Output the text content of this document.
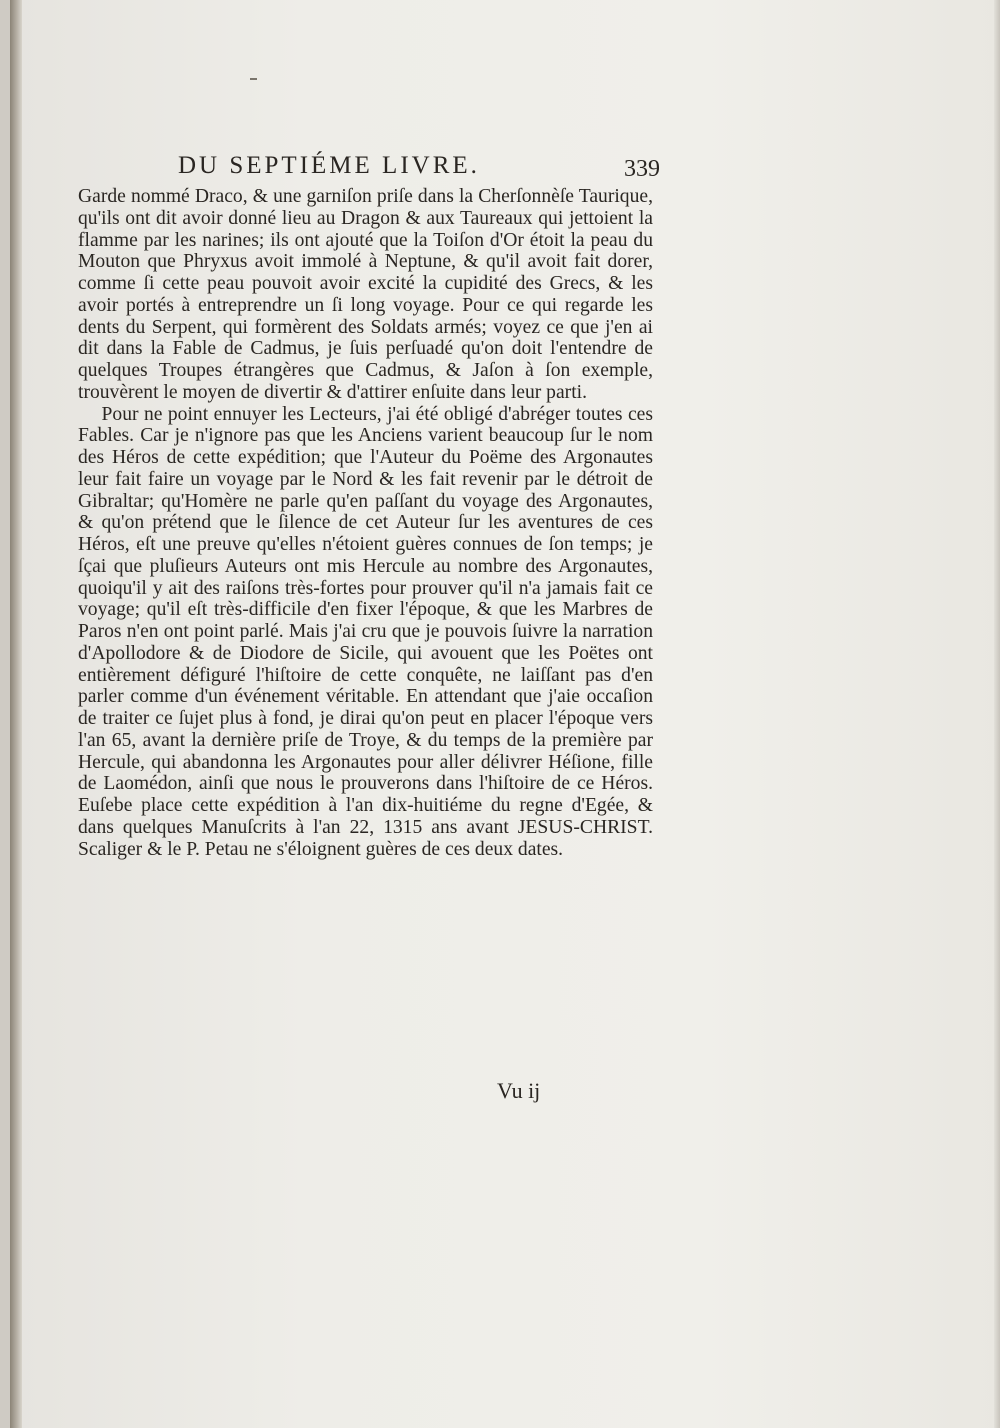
DU SEPTIÉME LIVRE.	339

Garde nommé Draco, & une garniſon priſe dans la Cherſonnèſe Taurique, qu'ils ont dit avoir donné lieu au Dragon & aux Taureaux qui jettoient la flamme par les narines; ils ont ajouté que la Toiſon d'Or étoit la peau du Mouton que Phryxus avoit immolé à Neptune, & qu'il avoit fait dorer, comme ſi cette peau pouvoit avoir excité la cupidité des Grecs, & les avoir portés à entreprendre un ſi long voyage. Pour ce qui regarde les dents du Serpent, qui formèrent des Soldats armés; voyez ce que j'en ai dit dans la Fable de Cadmus, je ſuis perſuadé qu'on doit l'entendre de quelques Troupes étrangères que Cadmus, & Jaſon à ſon exemple, trouvèrent le moyen de divertir & d'attirer enſuite dans leur parti.

Pour ne point ennuyer les Lecteurs, j'ai été obligé d'abréger toutes ces Fables. Car je n'ignore pas que les Anciens varient beaucoup ſur le nom des Héros de cette expédition; que l'Auteur du Poëme des Argonautes leur fait faire un voyage par le Nord & les fait revenir par le détroit de Gibraltar; qu'Homère ne parle qu'en paſſant du voyage des Argonautes, & qu'on prétend que le ſilence de cet Auteur ſur les aventures de ces Héros, eſt une preuve qu'elles n'étoient guères connues de ſon temps; je ſçai que pluſieurs Auteurs ont mis Hercule au nombre des Argonautes, quoiqu'il y ait des raiſons très-fortes pour prouver qu'il n'a jamais fait ce voyage; qu'il eſt très-difficile d'en fixer l'époque, & que les Marbres de Paros n'en ont point parlé. Mais j'ai cru que je pouvois ſuivre la narration d'Apollodore & de Diodore de Sicile, qui avouent que les Poëtes ont entièrement défiguré l'hiſtoire de cette conquête, ne laiſſant pas d'en parler comme d'un événement véritable. En attendant que j'aie occaſion de traiter ce ſujet plus à fond, je dirai qu'on peut en placer l'époque vers l'an 65, avant la dernière priſe de Troye, & du temps de la première par Hercule, qui abandonna les Argonautes pour aller délivrer Héſione, fille de Laomédon, ainſi que nous le prouverons dans l'hiſtoire de ce Héros. Euſebe place cette expédition à l'an dix-huitiéme du regne d'Egée, & dans quelques Manuſcrits à l'an 22, 1315 ans avant JESUS-CHRIST. Scaliger & le P. Petau ne s'éloignent guères de ces deux dates.

Vu ij
